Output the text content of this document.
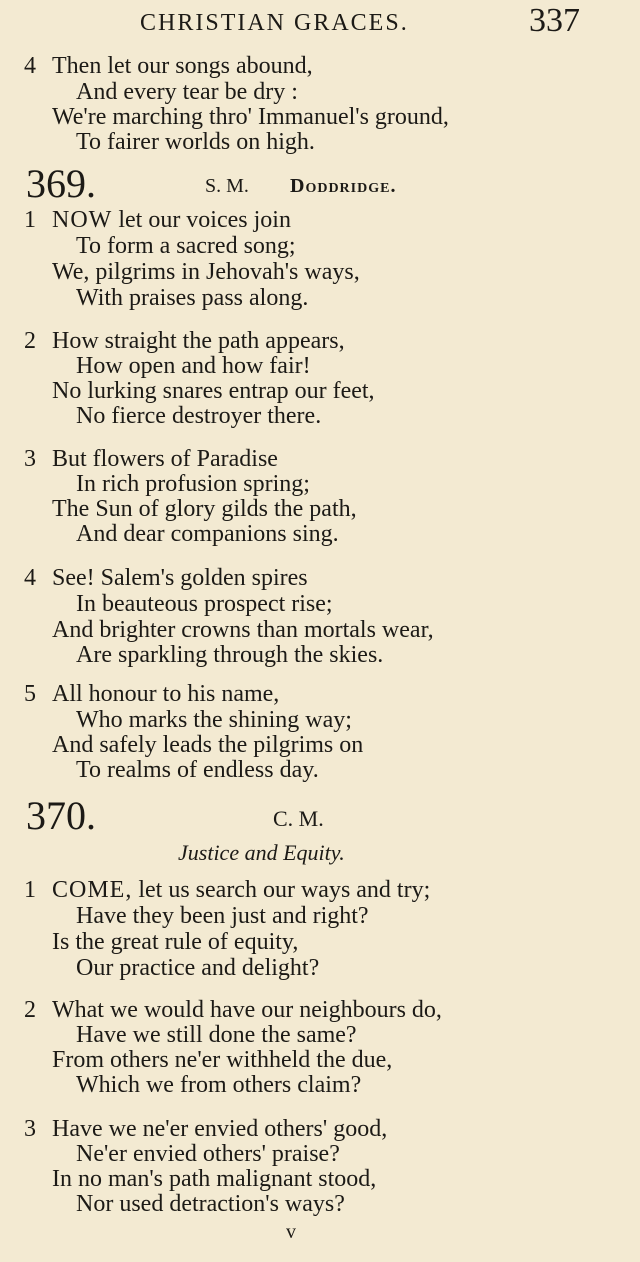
CHRISTIAN GRACES.	337
4 Then let our songs abound,
And every tear be dry :
We're marching thro' Immanuel's ground,
To fairer worlds on high.
369.	S. M. Doddridge.
1 NOW let our voices join
To form a sacred song;
We, pilgrims in Jehovah's ways,
With praises pass along.
2 How straight the path appears,
How open and how fair!
No lurking snares entrap our feet,
No fierce destroyer there.
3 But flowers of Paradise
In rich profusion spring;
The Sun of glory gilds the path,
And dear companions sing.
4 See! Salem's golden spires
In beauteous prospect rise;
And brighter crowns than mortals wear,
Are sparkling through the skies.
5 All honour to his name,
Who marks the shining way;
And safely leads the pilgrims on
To realms of endless day.
370.	C. M.
Justice and Equity.
1 COME, let us search our ways and try;
Have they been just and right?
Is the great rule of equity,
Our practice and delight?
2 What we would have our neighbours do,
Have we still done the same?
From others ne'er withheld the due,
Which we from others claim?
3 Have we ne'er envied others' good,
Ne'er envied others' praise?
In no man's path malignant stood,
Nor used detraction's ways?
v
